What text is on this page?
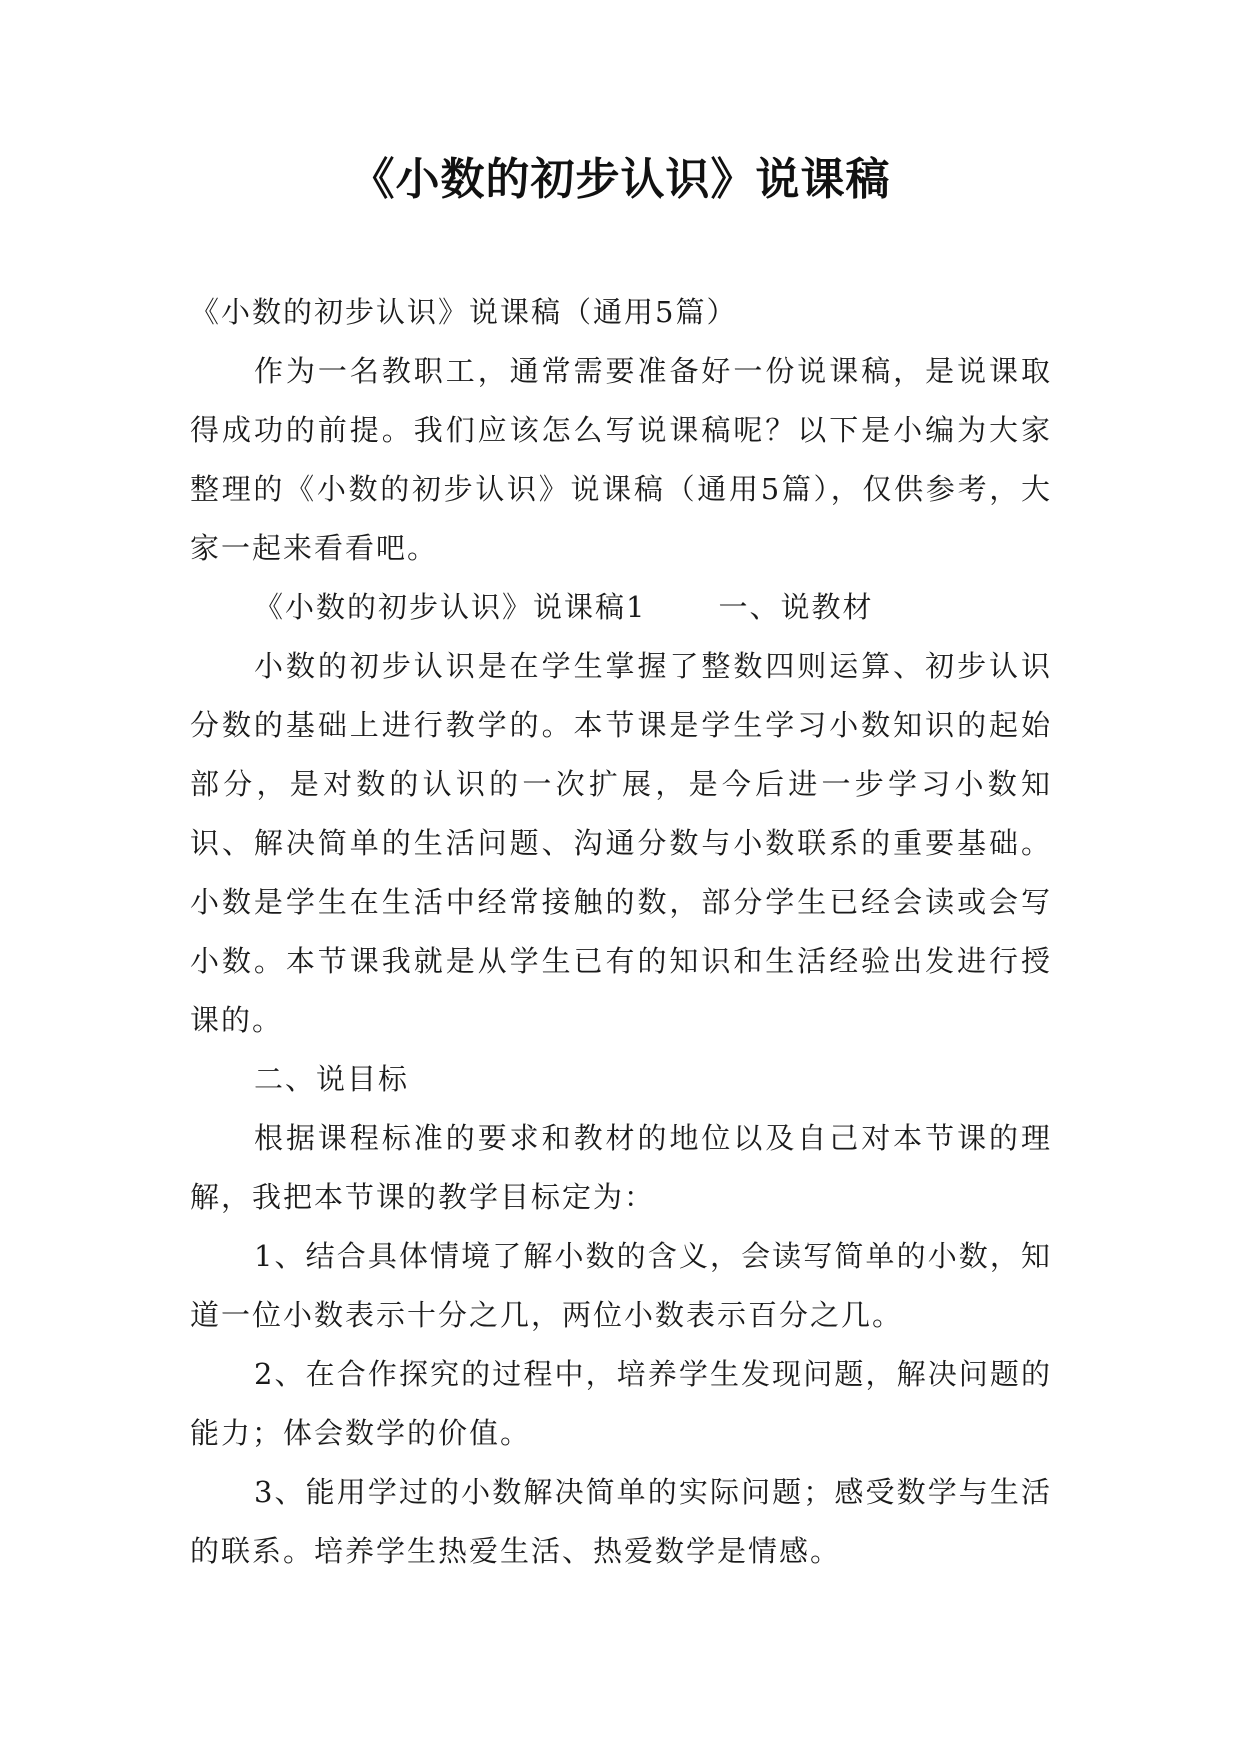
《小数的初步认识》说课稿

《小数的初步认识》说课稿（通用5篇）

作为一名教职工，通常需要准备好一份说课稿，是说课取得成功的前提。我们应该怎么写说课稿呢？以下是小编为大家整理的《小数的初步认识》说课稿（通用5篇），仅供参考，大家一起来看看吧。

《小数的初步认识》说课稿1 一、说教材

小数的初步认识是在学生掌握了整数四则运算、初步认识分数的基础上进行教学的。本节课是学生学习小数知识的起始部分，是对数的认识的一次扩展，是今后进一步学习小数知识、解决简单的生活问题、沟通分数与小数联系的重要基础。小数是学生在生活中经常接触的数，部分学生已经会读或会写小数。本节课我就是从学生已有的知识和生活经验出发进行授课的。

二、说目标

根据课程标准的要求和教材的地位以及自己对本节课的理解，我把本节课的教学目标定为：

1、结合具体情境了解小数的含义，会读写简单的小数，知道一位小数表示十分之几，两位小数表示百分之几。

2、在合作探究的过程中，培养学生发现问题，解决问题的能力；体会数学的价值。

3、能用学过的小数解决简单的实际问题；感受数学与生活的联系。培养学生热爱生活、热爱数学是情感。
